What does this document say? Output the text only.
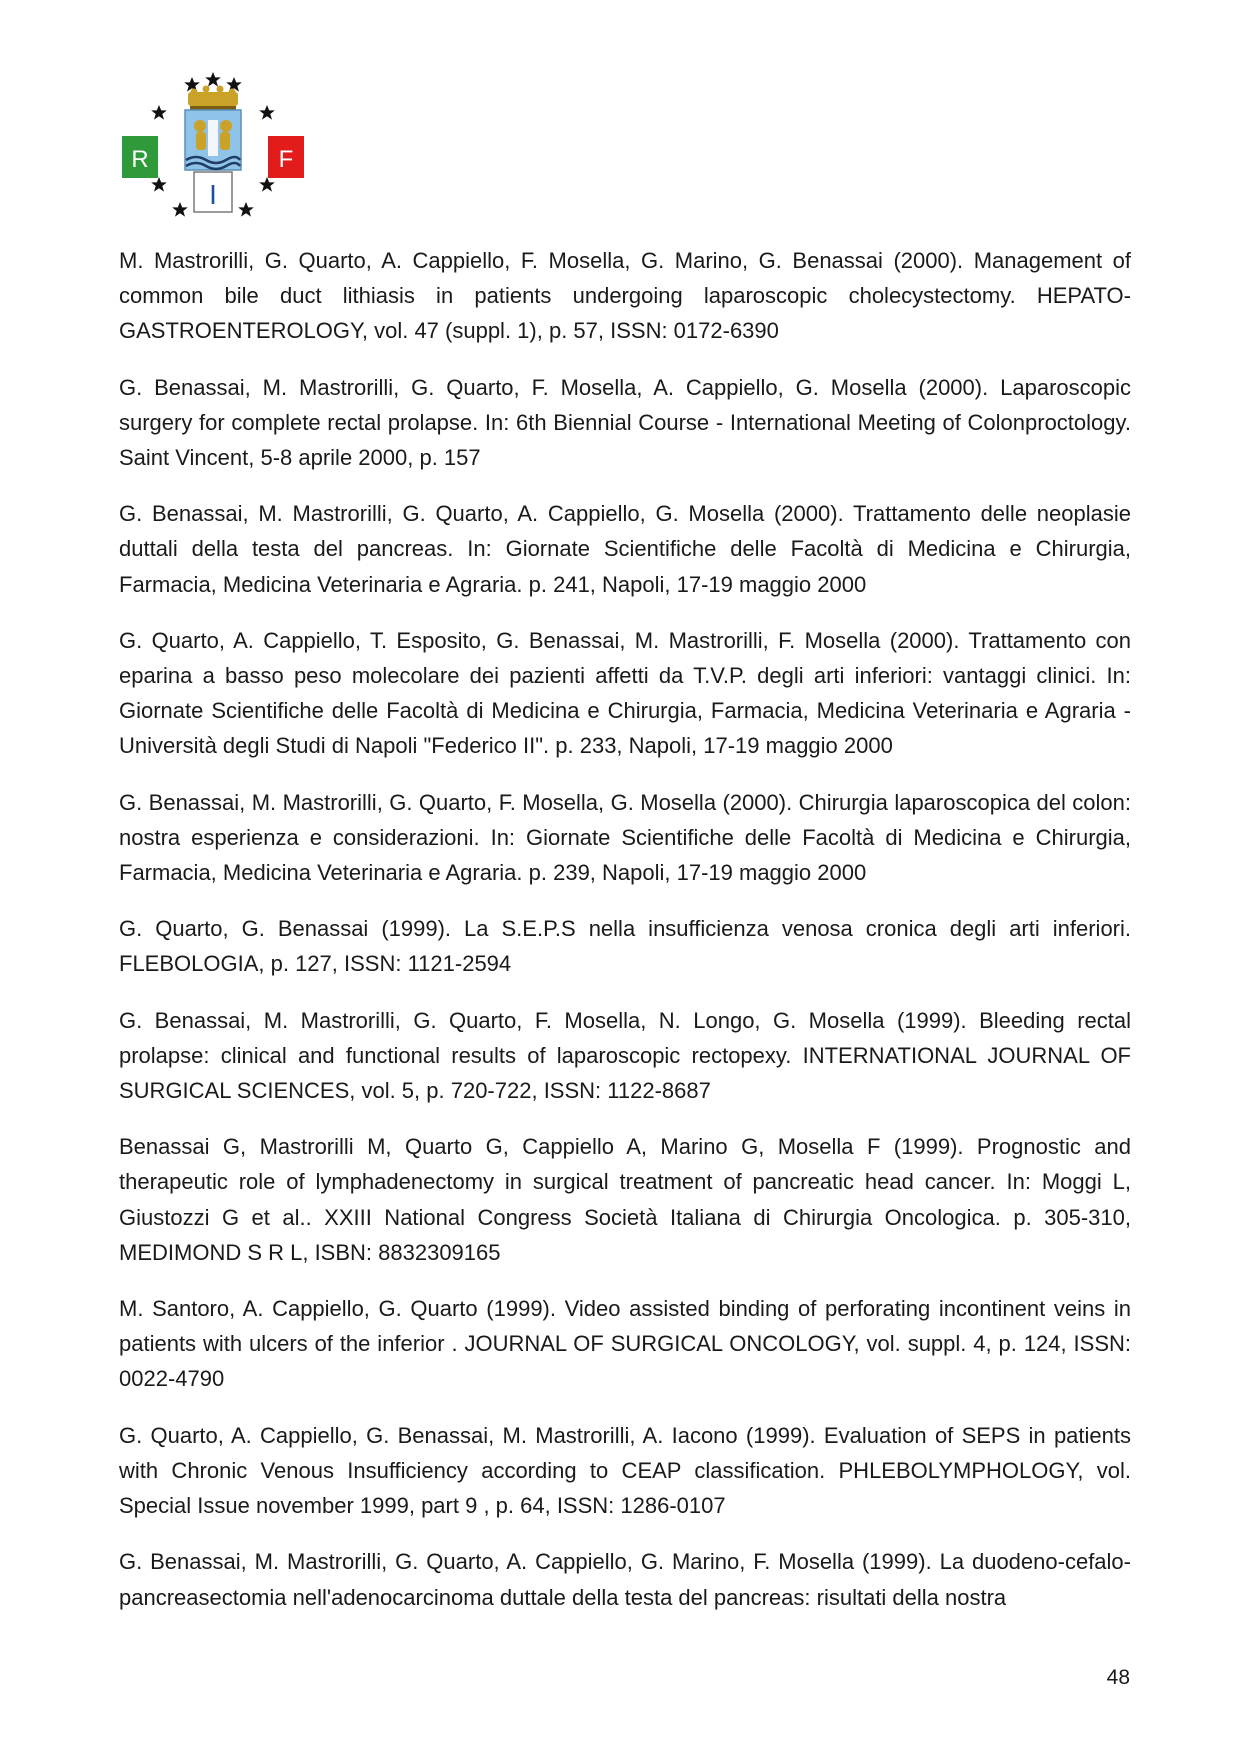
R	F
I

M. Mastrorilli, G. Quarto, A. Cappiello, F. Mosella, G. Marino, G. Benassai (2000). Management of common bile duct lithiasis in patients undergoing laparoscopic cholecystectomy. HEPATO-GASTROENTEROLOGY, vol. 47 (suppl. 1), p. 57, ISSN: 0172-6390

G. Benassai, M. Mastrorilli, G. Quarto, F. Mosella, A. Cappiello, G. Mosella (2000). Laparoscopic surgery for complete rectal prolapse. In: 6th Biennial Course - International Meeting of Colonproctology. Saint Vincent, 5-8 aprile 2000, p. 157

G. Benassai, M. Mastrorilli, G. Quarto, A. Cappiello, G. Mosella (2000). Trattamento delle neoplasie duttali della testa del pancreas. In: Giornate Scientifiche delle Facoltà di Medicina e Chirurgia, Farmacia, Medicina Veterinaria e Agraria. p. 241, Napoli, 17-19 maggio 2000

G. Quarto, A. Cappiello, T. Esposito, G. Benassai, M. Mastrorilli, F. Mosella (2000). Trattamento con eparina a basso peso molecolare dei pazienti affetti da T.V.P. degli arti inferiori: vantaggi clinici. In: Giornate Scientifiche delle Facoltà di Medicina e Chirurgia, Farmacia, Medicina Veterinaria e Agraria - Università degli Studi di Napoli "Federico II". p. 233, Napoli, 17-19 maggio 2000

G. Benassai, M. Mastrorilli, G. Quarto, F. Mosella, G. Mosella (2000). Chirurgia laparoscopica del colon: nostra esperienza e considerazioni. In: Giornate Scientifiche delle Facoltà di Medicina e Chirurgia, Farmacia, Medicina Veterinaria e Agraria. p. 239, Napoli, 17-19 maggio 2000

G. Quarto, G. Benassai (1999). La S.E.P.S nella insufficienza venosa cronica degli arti inferiori. FLEBOLOGIA, p. 127, ISSN: 1121-2594

G. Benassai, M. Mastrorilli, G. Quarto, F. Mosella, N. Longo, G. Mosella (1999). Bleeding rectal prolapse: clinical and functional results of laparoscopic rectopexy. INTERNATIONAL JOURNAL OF SURGICAL SCIENCES, vol. 5, p. 720-722, ISSN: 1122-8687

Benassai G, Mastrorilli M, Quarto G, Cappiello A, Marino G, Mosella F (1999). Prognostic and therapeutic role of lymphadenectomy in surgical treatment of pancreatic head cancer. In: Moggi L, Giustozzi G et al.. XXIII National Congress Società Italiana di Chirurgia Oncologica. p. 305-310, MEDIMOND S R L, ISBN: 8832309165

M. Santoro, A. Cappiello, G. Quarto (1999). Video assisted binding of perforating incontinent veins in patients with ulcers of the inferior . JOURNAL OF SURGICAL ONCOLOGY, vol. suppl. 4, p. 124, ISSN: 0022-4790

G. Quarto, A. Cappiello, G. Benassai, M. Mastrorilli, A. Iacono (1999). Evaluation of SEPS in patients with Chronic Venous Insufficiency according to CEAP classification. PHLEBOLYMPHOLOGY, vol. Special Issue november 1999, part 9 , p. 64, ISSN: 1286-0107

G. Benassai, M. Mastrorilli, G. Quarto, A. Cappiello, G. Marino, F. Mosella (1999). La duodeno-cefalo-pancreasectomia nell'adenocarcinoma duttale della testa del pancreas: risultati della nostra

48
